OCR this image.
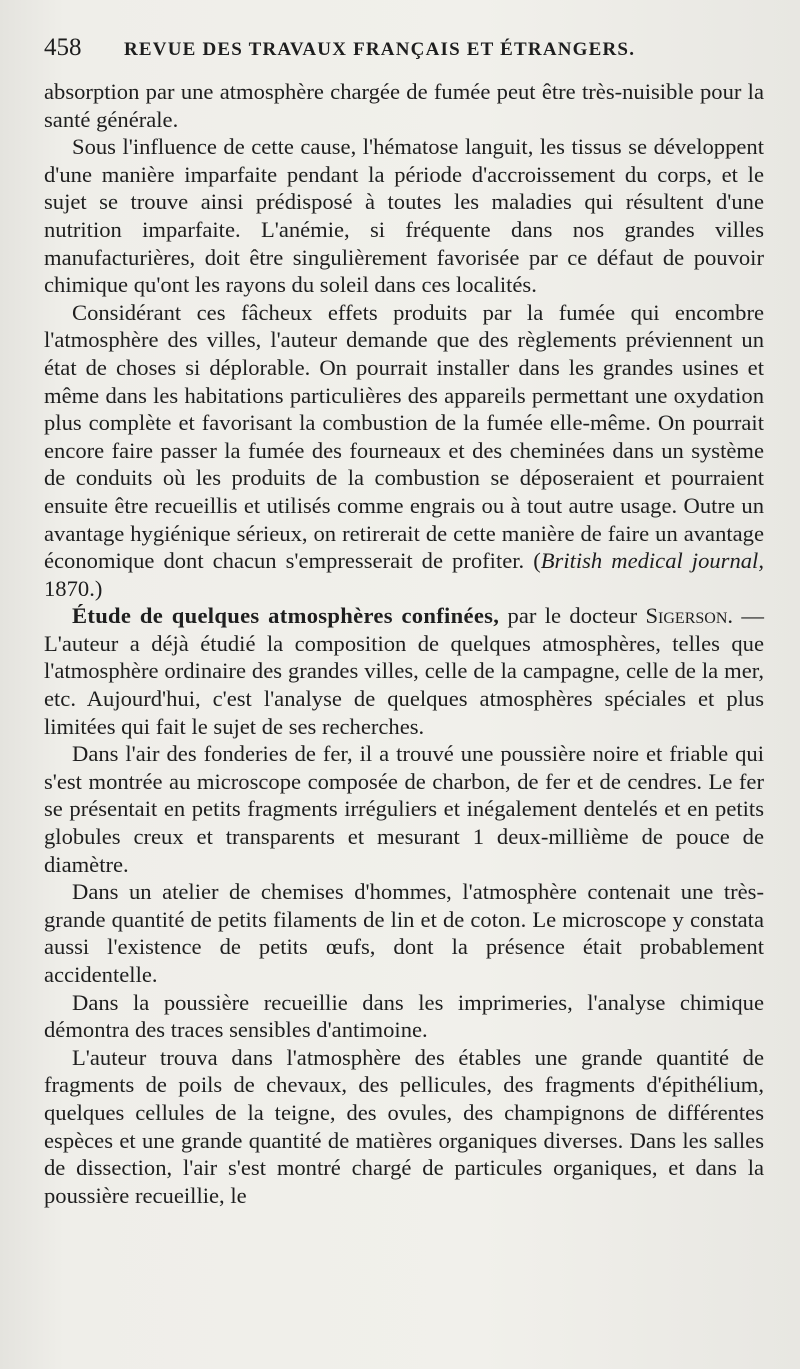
458	REVUE DES TRAVAUX FRANÇAIS ET ÉTRANGERS.

absorption par une atmosphère chargée de fumée peut être très-nuisible pour la santé générale.

Sous l'influence de cette cause, l'hématose languit, les tissus se développent d'une manière imparfaite pendant la période d'accroissement du corps, et le sujet se trouve ainsi prédisposé à toutes les maladies qui résultent d'une nutrition imparfaite. L'anémie, si fréquente dans nos grandes villes manufacturières, doit être singulièrement favorisée par ce défaut de pouvoir chimique qu'ont les rayons du soleil dans ces localités.

Considérant ces fâcheux effets produits par la fumée qui encombre l'atmosphère des villes, l'auteur demande que des règlements préviennent un état de choses si déplorable. On pourrait installer dans les grandes usines et même dans les habitations particulières des appareils permettant une oxydation plus complète et favorisant la combustion de la fumée elle-même. On pourrait encore faire passer la fumée des fourneaux et des cheminées dans un système de conduits où les produits de la combustion se déposeraient et pourraient ensuite être recueillis et utilisés comme engrais ou à tout autre usage. Outre un avantage hygiénique sérieux, on retirerait de cette manière de faire un avantage économique dont chacun s'empresserait de profiter. (British medical journal, 1870.)

Étude de quelques atmosphères confinées, par le docteur Sigerson. — L'auteur a déjà étudié la composition de quelques atmosphères, telles que l'atmosphère ordinaire des grandes villes, celle de la campagne, celle de la mer, etc. Aujourd'hui, c'est l'analyse de quelques atmosphères spéciales et plus limitées qui fait le sujet de ses recherches.

Dans l'air des fonderies de fer, il a trouvé une poussière noire et friable qui s'est montrée au microscope composée de charbon, de fer et de cendres. Le fer se présentait en petits fragments irréguliers et inégalement dentelés et en petits globules creux et transparents et mesurant 1 deux-millième de pouce de diamètre.

Dans un atelier de chemises d'hommes, l'atmosphère contenait une très-grande quantité de petits filaments de lin et de coton. Le microscope y constata aussi l'existence de petits œufs, dont la présence était probablement accidentelle.

Dans la poussière recueillie dans les imprimeries, l'analyse chimique démontra des traces sensibles d'antimoine.

L'auteur trouva dans l'atmosphère des étables une grande quantité de fragments de poils de chevaux, des pellicules, des fragments d'épithélium, quelques cellules de la teigne, des ovules, des champignons de différentes espèces et une grande quantité de matières organiques diverses. Dans les salles de dissection, l'air s'est montré chargé de particules organiques, et dans la poussière recueillie, le
